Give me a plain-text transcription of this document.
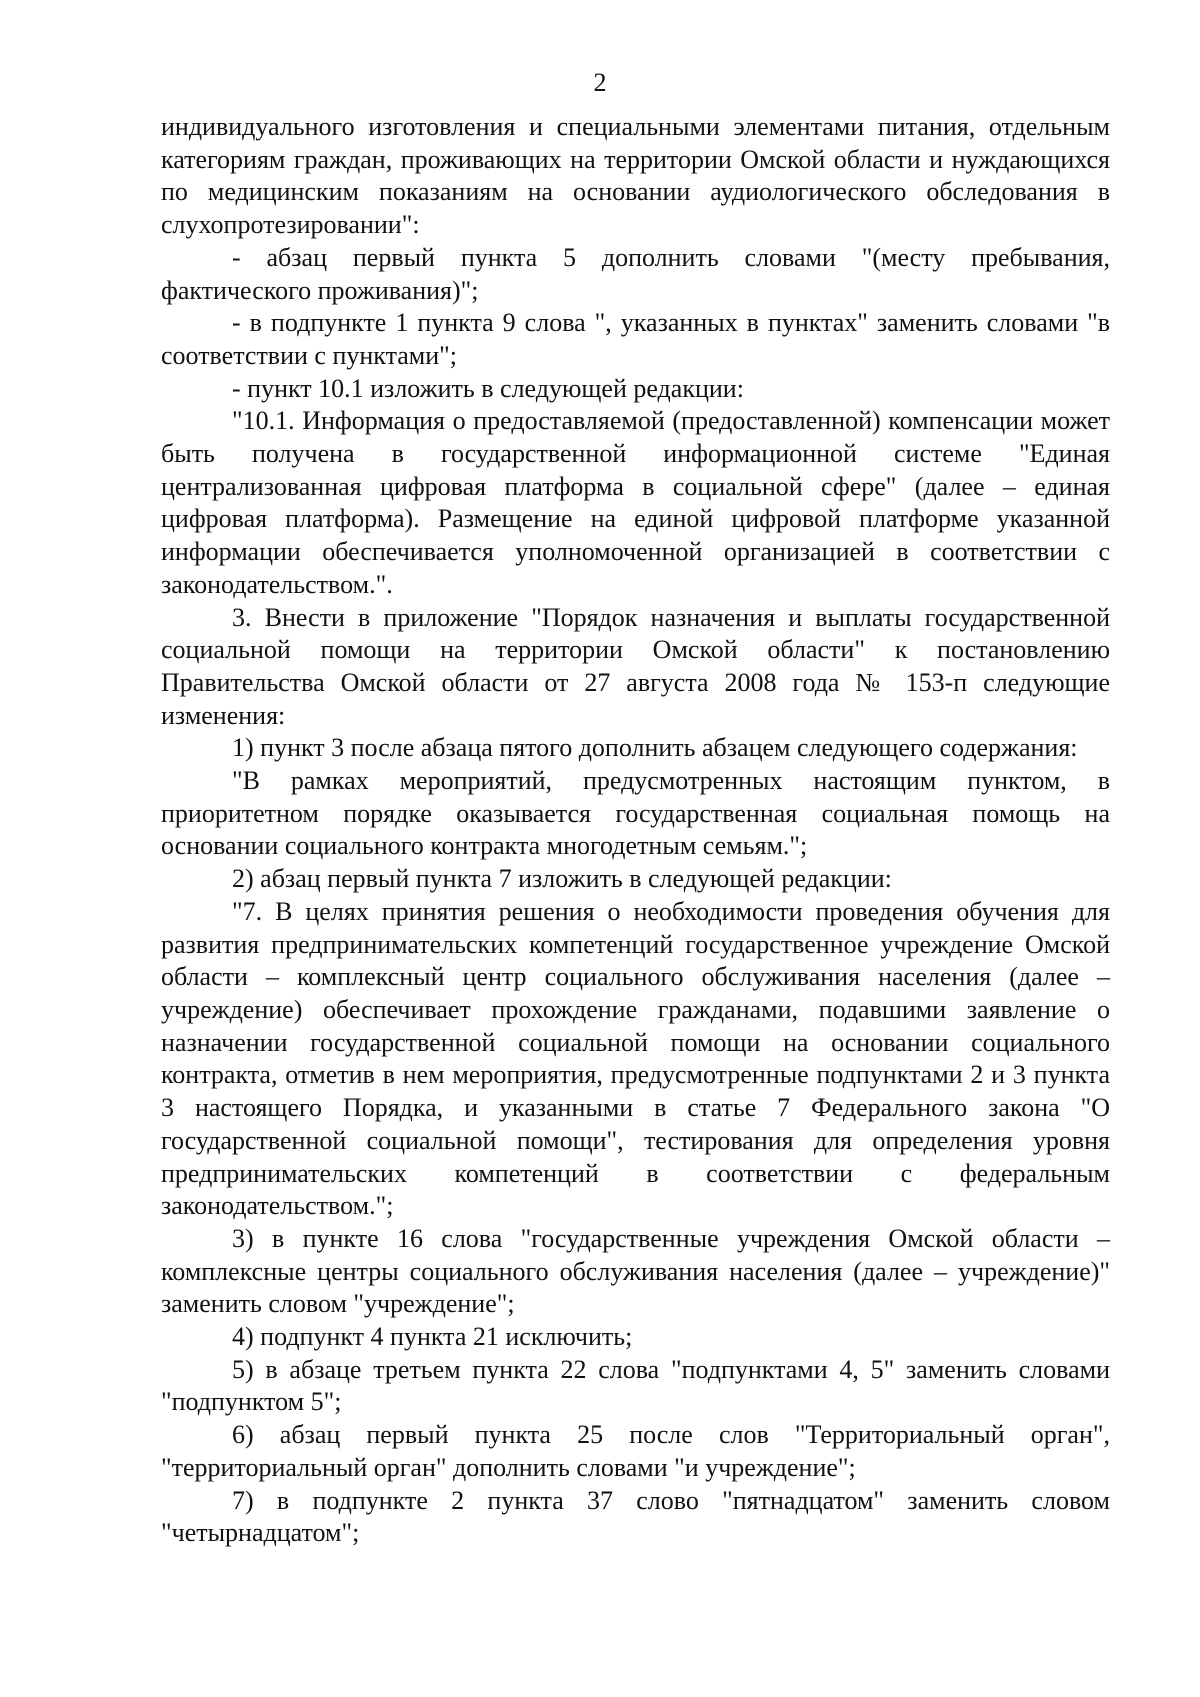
2

индивидуального изготовления и специальными элементами питания, отдельным категориям граждан, проживающих на территории Омской области и нуждающихся по медицинским показаниям на основании аудиологического обследования в слухопротезировании":

- абзац первый пункта 5 дополнить словами "(месту пребывания, фактического проживания)";

- в подпункте 1 пункта 9 слова ", указанных в пунктах" заменить словами "в соответствии с пунктами";

- пункт 10.1 изложить в следующей редакции:

"10.1. Информация о предоставляемой (предоставленной) компенсации может быть получена в государственной информационной системе "Единая централизованная цифровая платформа в социальной сфере" (далее – единая цифровая платформа). Размещение на единой цифровой платформе указанной информации обеспечивается уполномоченной организацией в соответствии с законодательством.".

3. Внести в приложение "Порядок назначения и выплаты государственной социальной помощи на территории Омской области" к постановлению Правительства Омской области от 27 августа 2008 года № 153-п следующие изменения:

1) пункт 3 после абзаца пятого дополнить абзацем следующего содержания:

"В рамках мероприятий, предусмотренных настоящим пунктом, в приоритетном порядке оказывается государственная социальная помощь на основании социального контракта многодетным семьям.";

2) абзац первый пункта 7 изложить в следующей редакции:

"7. В целях принятия решения о необходимости проведения обучения для развития предпринимательских компетенций государственное учреждение Омской области – комплексный центр социального обслуживания населения (далее – учреждение) обеспечивает прохождение гражданами, подавшими заявление о назначении государственной социальной помощи на основании социального контракта, отметив в нем мероприятия, предусмотренные подпунктами 2 и 3 пункта 3 настоящего Порядка, и указанными в статье 7 Федерального закона "О государственной социальной помощи", тестирования для определения уровня предпринимательских компетенций в соответствии с федеральным законодательством.";

3) в пункте 16 слова "государственные учреждения Омской области – комплексные центры социального обслуживания населения (далее – учреждение)" заменить словом "учреждение";

4) подпункт 4 пункта 21 исключить;

5) в абзаце третьем пункта 22 слова "подпунктами 4, 5" заменить словами "подпунктом 5";

6) абзац первый пункта 25 после слов "Территориальный орган", "территориальный орган" дополнить словами "и учреждение";

7) в подпункте 2 пункта 37 слово "пятнадцатом" заменить словом "четырнадцатом";
